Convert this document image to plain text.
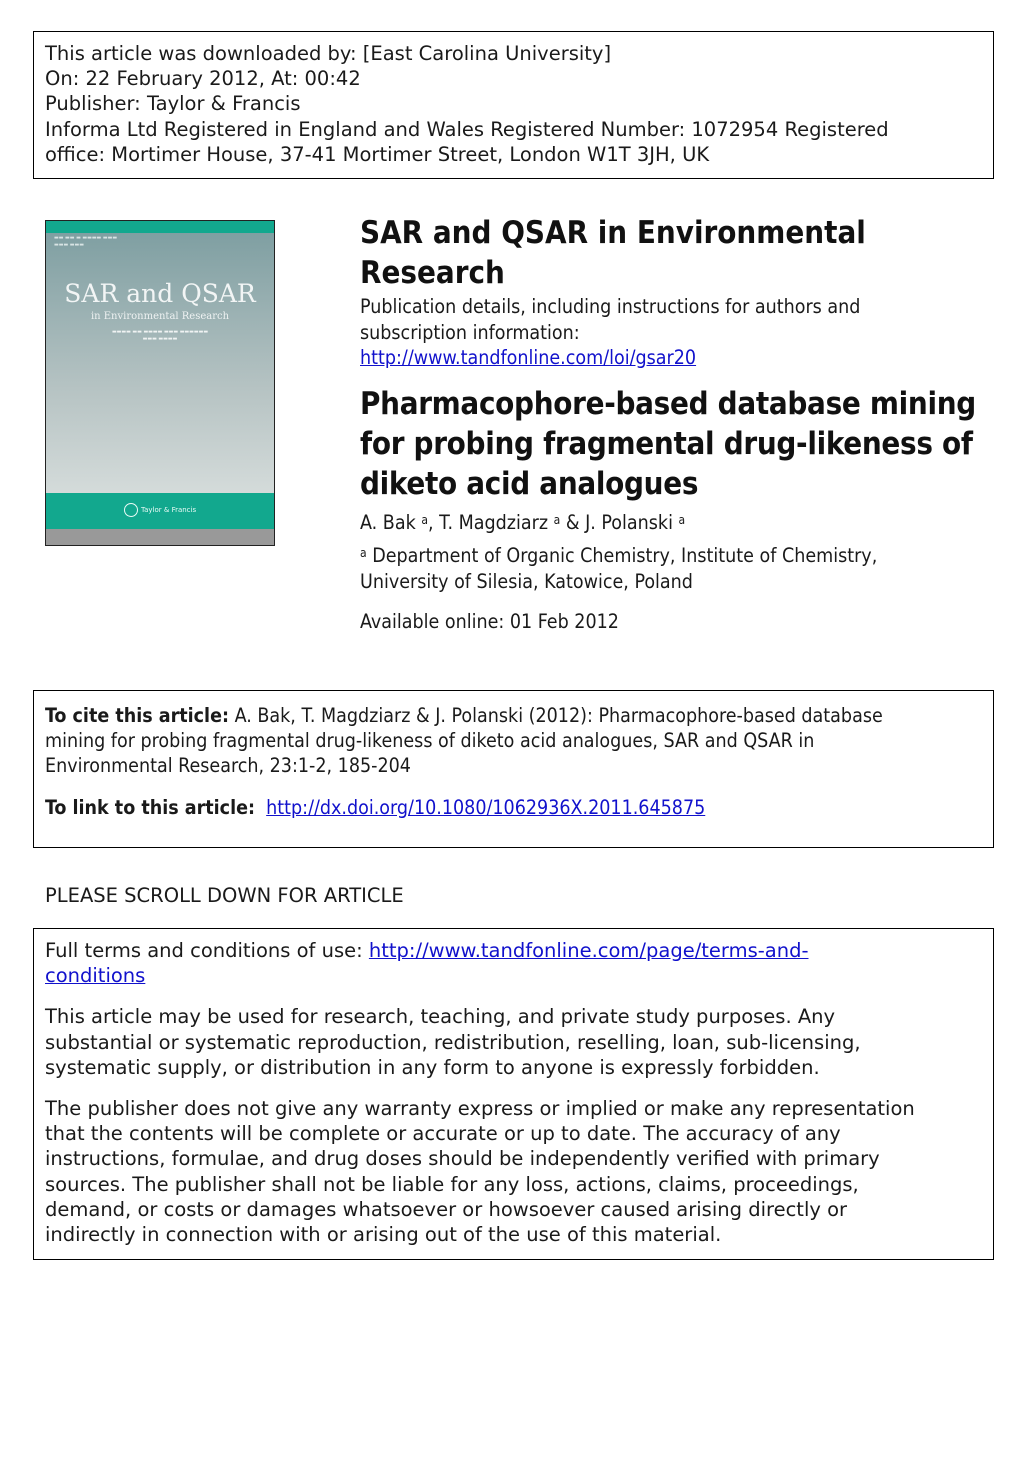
This article was downloaded by: [East Carolina University]
On: 22 February 2012, At: 00:42
Publisher: Taylor & Francis
Informa Ltd Registered in England and Wales Registered Number: 1072954 Registered
office: Mortimer House, 37-41 Mortimer Street, London W1T 3JH, UK
▬▬ ▬▬ ▬ ▬▬▬▬ ▬▬▬
▬▬▬ ▬▬▬
SAR and QSAR
in Environmental Research
▬▬▬▬ ▬▬ ▬▬▬▬ ▬▬▬ ▬▬▬▬▬▬
▬▬▬ ▬▬▬▬
Taylor & Francis
SAR and QSAR in Environmental
Research
Publication details, including instructions for authors and
subscription information:
http://www.tandfonline.com/loi/gsar20
Pharmacophore-based database mining
for probing fragmental drug-likeness of
diketo acid analogues
A. Bak $^a$, T. Magdziarz $^a$ & J. Polanski $^a$
$^a$ Department of Organic Chemistry, Institute of Chemistry,
University of Silesia, Katowice, Poland
Available online: 01 Feb 2012
To cite this article: A. Bak, T. Magdziarz & J. Polanski (2012): Pharmacophore-based database
mining for probing fragmental drug-likeness of diketo acid analogues, SAR and QSAR in
Environmental Research, 23:1-2, 185-204
To link to this article: http://dx.doi.org/10.1080/1062936X.2011.645875
PLEASE SCROLL DOWN FOR ARTICLE
Full terms and conditions of use: http://www.tandfonline.com/page/terms-and-
conditions
This article may be used for research, teaching, and private study purposes. Any
substantial or systematic reproduction, redistribution, reselling, loan, sub-licensing,
systematic supply, or distribution in any form to anyone is expressly forbidden.
The publisher does not give any warranty express or implied or make any representation
that the contents will be complete or accurate or up to date. The accuracy of any
instructions, formulae, and drug doses should be independently verified with primary
sources. The publisher shall not be liable for any loss, actions, claims, proceedings,
demand, or costs or damages whatsoever or howsoever caused arising directly or
indirectly in connection with or arising out of the use of this material.
